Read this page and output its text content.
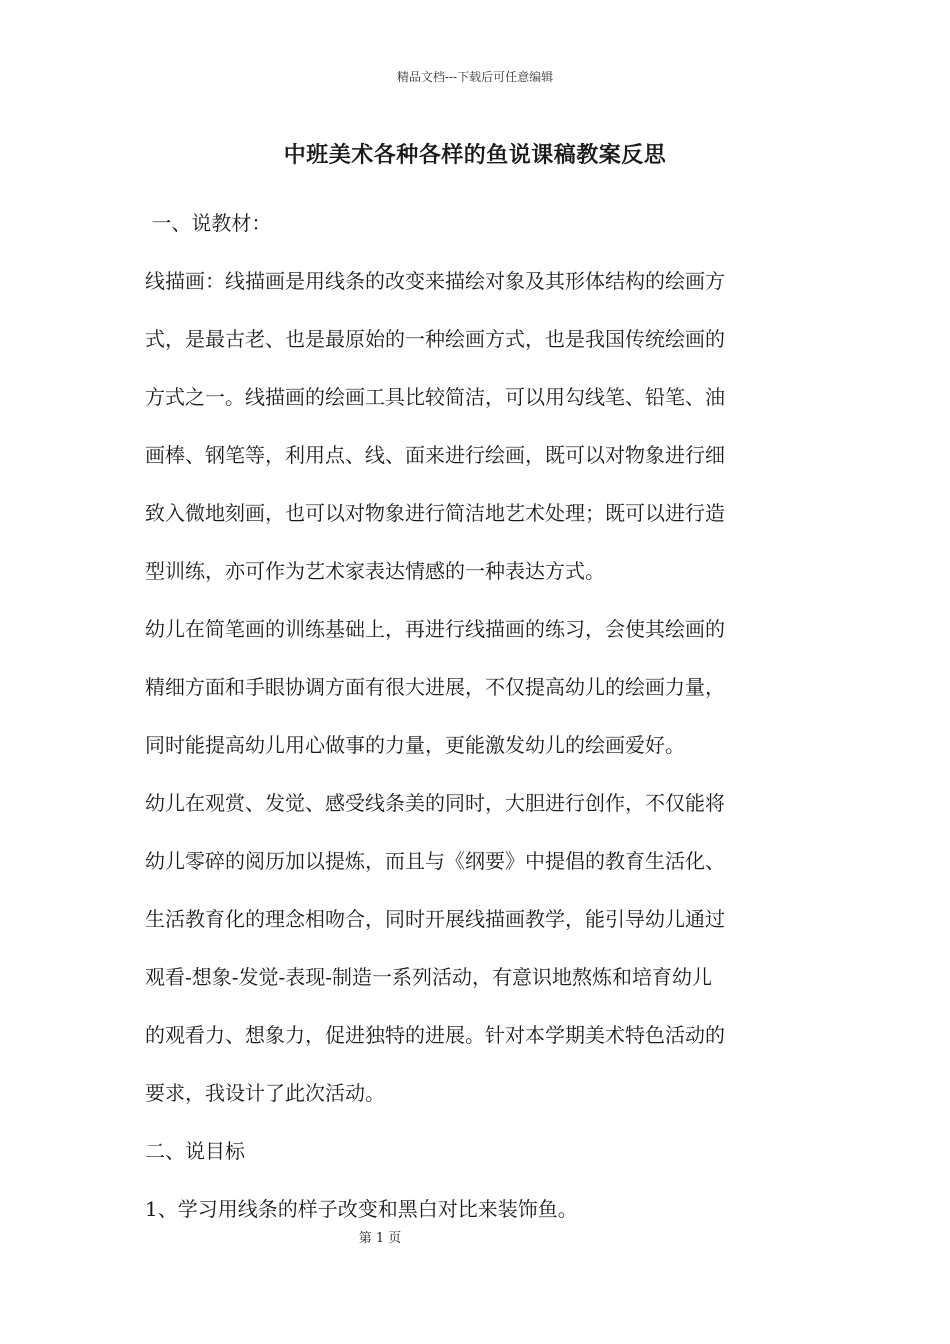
精品文档---下载后可任意编辑
中班美术各种各样的鱼说课稿教案反思
一、说教材：
线描画：线描画是用线条的改变来描绘对象及其形体结构的绘画方
式，是最古老、也是最原始的一种绘画方式，也是我国传统绘画的
方式之一。线描画的绘画工具比较简洁，可以用勾线笔、铅笔、油
画棒、钢笔等，利用点、线、面来进行绘画，既可以对物象进行细
致入微地刻画，也可以对物象进行简洁地艺术处理；既可以进行造
型训练，亦可作为艺术家表达情感的一种表达方式。
幼儿在简笔画的训练基础上，再进行线描画的练习，会使其绘画的
精细方面和手眼协调方面有很大进展，不仅提高幼儿的绘画力量，
同时能提高幼儿用心做事的力量，更能激发幼儿的绘画爱好。
幼儿在观赏、发觉、感受线条美的同时，大胆进行创作，不仅能将
幼儿零碎的阅历加以提炼，而且与《纲要》中提倡的教育生活化、
生活教育化的理念相吻合，同时开展线描画教学，能引导幼儿通过
观看-想象-发觉-表现-制造一系列活动，有意识地熬炼和培育幼儿
的观看力、想象力，促进独特的进展。针对本学期美术特色活动的
要求，我设计了此次活动。
二、说目标
1、学习用线条的样子改变和黑白对比来装饰鱼。
第 1 页
